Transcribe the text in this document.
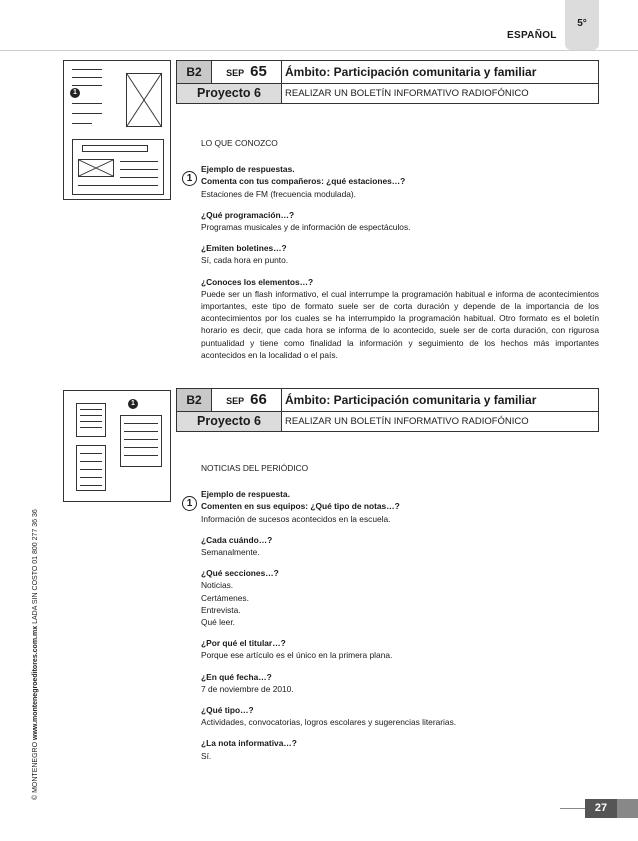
ESPAÑOL
5°
© MONTENEGRO www.montenegroeditores.com.mx LADA SIN COSTO 01 800 277 36 36
1
B2	SEP 65	Ámbito: Participación comunitaria y familiar
Proyecto 6	REALIZAR UN BOLETÍN INFORMATIVO RADIOFÓNICO
1
LO QUE CONOZCO
Ejemplo de respuestas.
Comenta con tus compañeros: ¿qué estaciones…?
Estaciones de FM (frecuencia modulada).
¿Qué programación…?
Programas musicales y de información de espectáculos.
¿Emiten boletines…?
Sí, cada hora en punto.
¿Conoces los elementos…?
Puede ser un flash informativo, el cual interrumpe la programación habitual e informa de acontecimientos importantes, este tipo de formato suele ser de corta duración y depende de la importancia de los acontecimientos por los cuales se ha interrumpido la programación habitual. Otro formato es el boletín horario es decir, que cada hora se informa de lo acontecido, suele ser de corta duración, con rigurosa puntualidad y tiene como finalidad la información y seguimiento de los hechos más importantes acontecidos en la localidad o el país.
1	B2	SEP 66	Ámbito: Participación comunitaria y familiar
Proyecto 6	REALIZAR UN BOLETÍN INFORMATIVO RADIOFÓNICO
1
NOTICIAS DEL PERIÓDICO
Ejemplo de respuesta.
Comenten en sus equipos: ¿Qué tipo de notas…?
Información de sucesos acontecidos en la escuela.
¿Cada cuándo…?
Semanalmente.
¿Qué secciones…?
Noticias.
Certámenes.
Entrevista.
Qué leer.
¿Por qué el titular…?
Porque ese artículo es el único en la primera plana.
¿En qué fecha…?
7 de noviembre de 2010.
¿Qué tipo…?
Actividades, convocatorias, logros escolares y sugerencias literarias.
¿La nota informativa…?
Sí.
27
